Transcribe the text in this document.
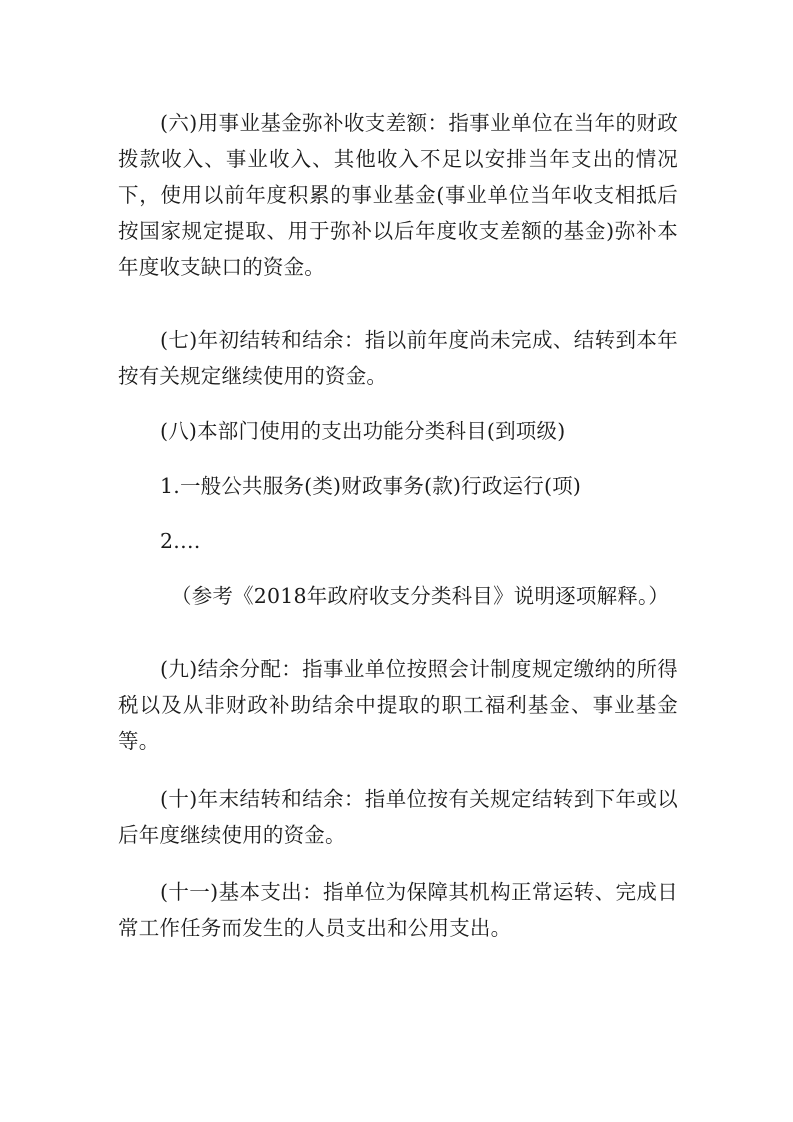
(六)用事业基金弥补收支差额：指事业单位在当年的财政拨款收入、事业收入、其他收入不足以安排当年支出的情况下，使用以前年度积累的事业基金(事业单位当年收支相抵后按国家规定提取、用于弥补以后年度收支差额的基金)弥补本年度收支缺口的资金。

(七)年初结转和结余：指以前年度尚未完成、结转到本年按有关规定继续使用的资金。

(八)本部门使用的支出功能分类科目(到项级)

1.一般公共服务(类)财政事务(款)行政运行(项)

2.…

（参考《2018年政府收支分类科目》说明逐项解释。）

(九)结余分配：指事业单位按照会计制度规定缴纳的所得税以及从非财政补助结余中提取的职工福利基金、事业基金等。

(十)年末结转和结余：指单位按有关规定结转到下年或以后年度继续使用的资金。

(十一)基本支出：指单位为保障其机构正常运转、完成日常工作任务而发生的人员支出和公用支出。
